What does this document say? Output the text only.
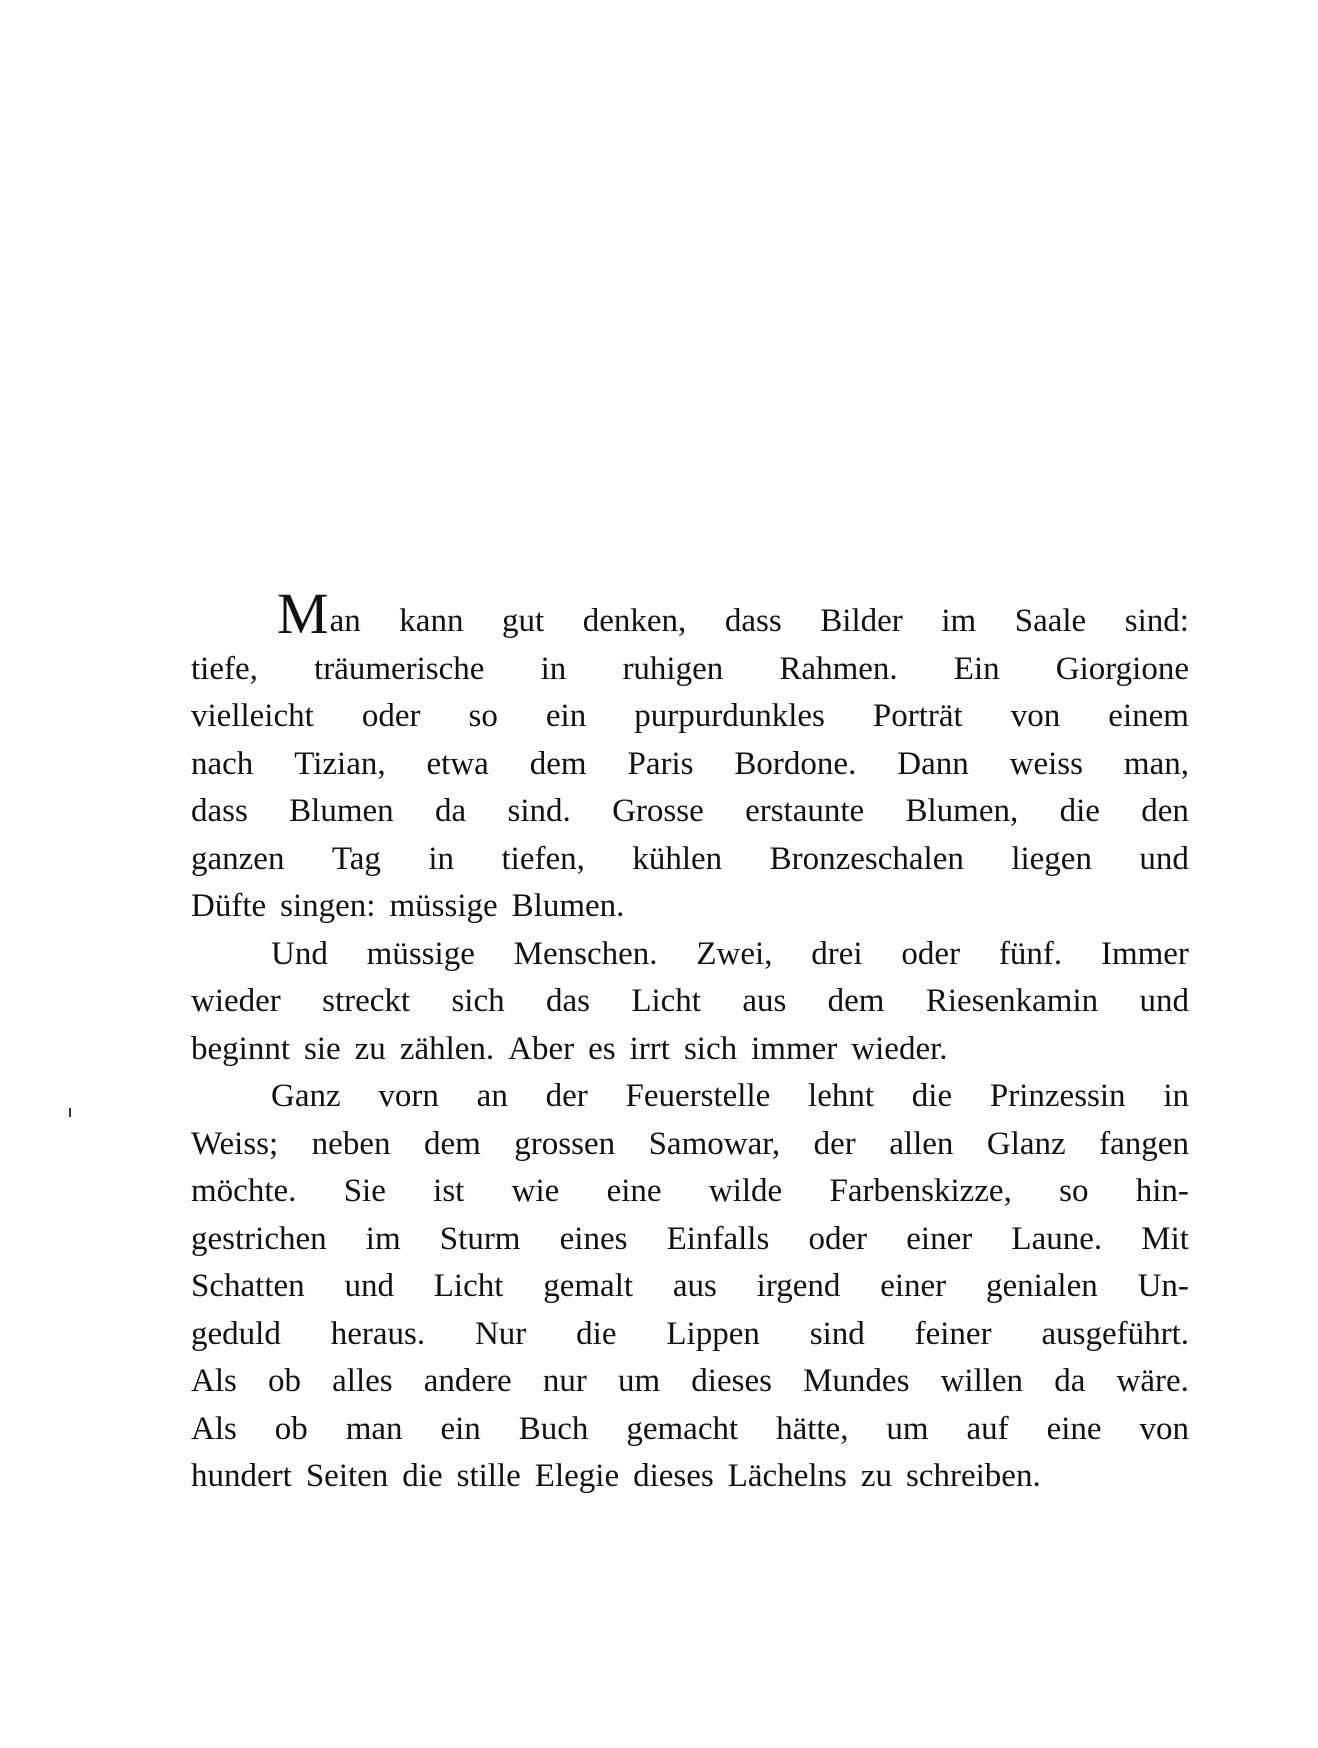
Man kann gut denken, dass Bilder im Saale sind:
tiefe, träumerische in ruhigen Rahmen. Ein Giorgione
vielleicht oder so ein purpurdunkles Porträt von einem
nach Tizian, etwa dem Paris Bordone. Dann weiss man,
dass Blumen da sind. Grosse erstaunte Blumen, die den
ganzen Tag in tiefen, kühlen Bronzeschalen liegen und
Düfte singen: müssige Blumen.
Und müssige Menschen. Zwei, drei oder fünf. Immer
wieder streckt sich das Licht aus dem Riesenkamin und
beginnt sie zu zählen. Aber es irrt sich immer wieder.
Ganz vorn an der Feuerstelle lehnt die Prinzessin in
Weiss; neben dem grossen Samowar, der allen Glanz fangen
möchte. Sie ist wie eine wilde Farbenskizze, so hin-
gestrichen im Sturm eines Einfalls oder einer Laune. Mit
Schatten und Licht gemalt aus irgend einer genialen Un-
geduld heraus. Nur die Lippen sind feiner ausgeführt.
Als ob alles andere nur um dieses Mundes willen da wäre.
Als ob man ein Buch gemacht hätte, um auf eine von
hundert Seiten die stille Elegie dieses Lächelns zu schreiben.
